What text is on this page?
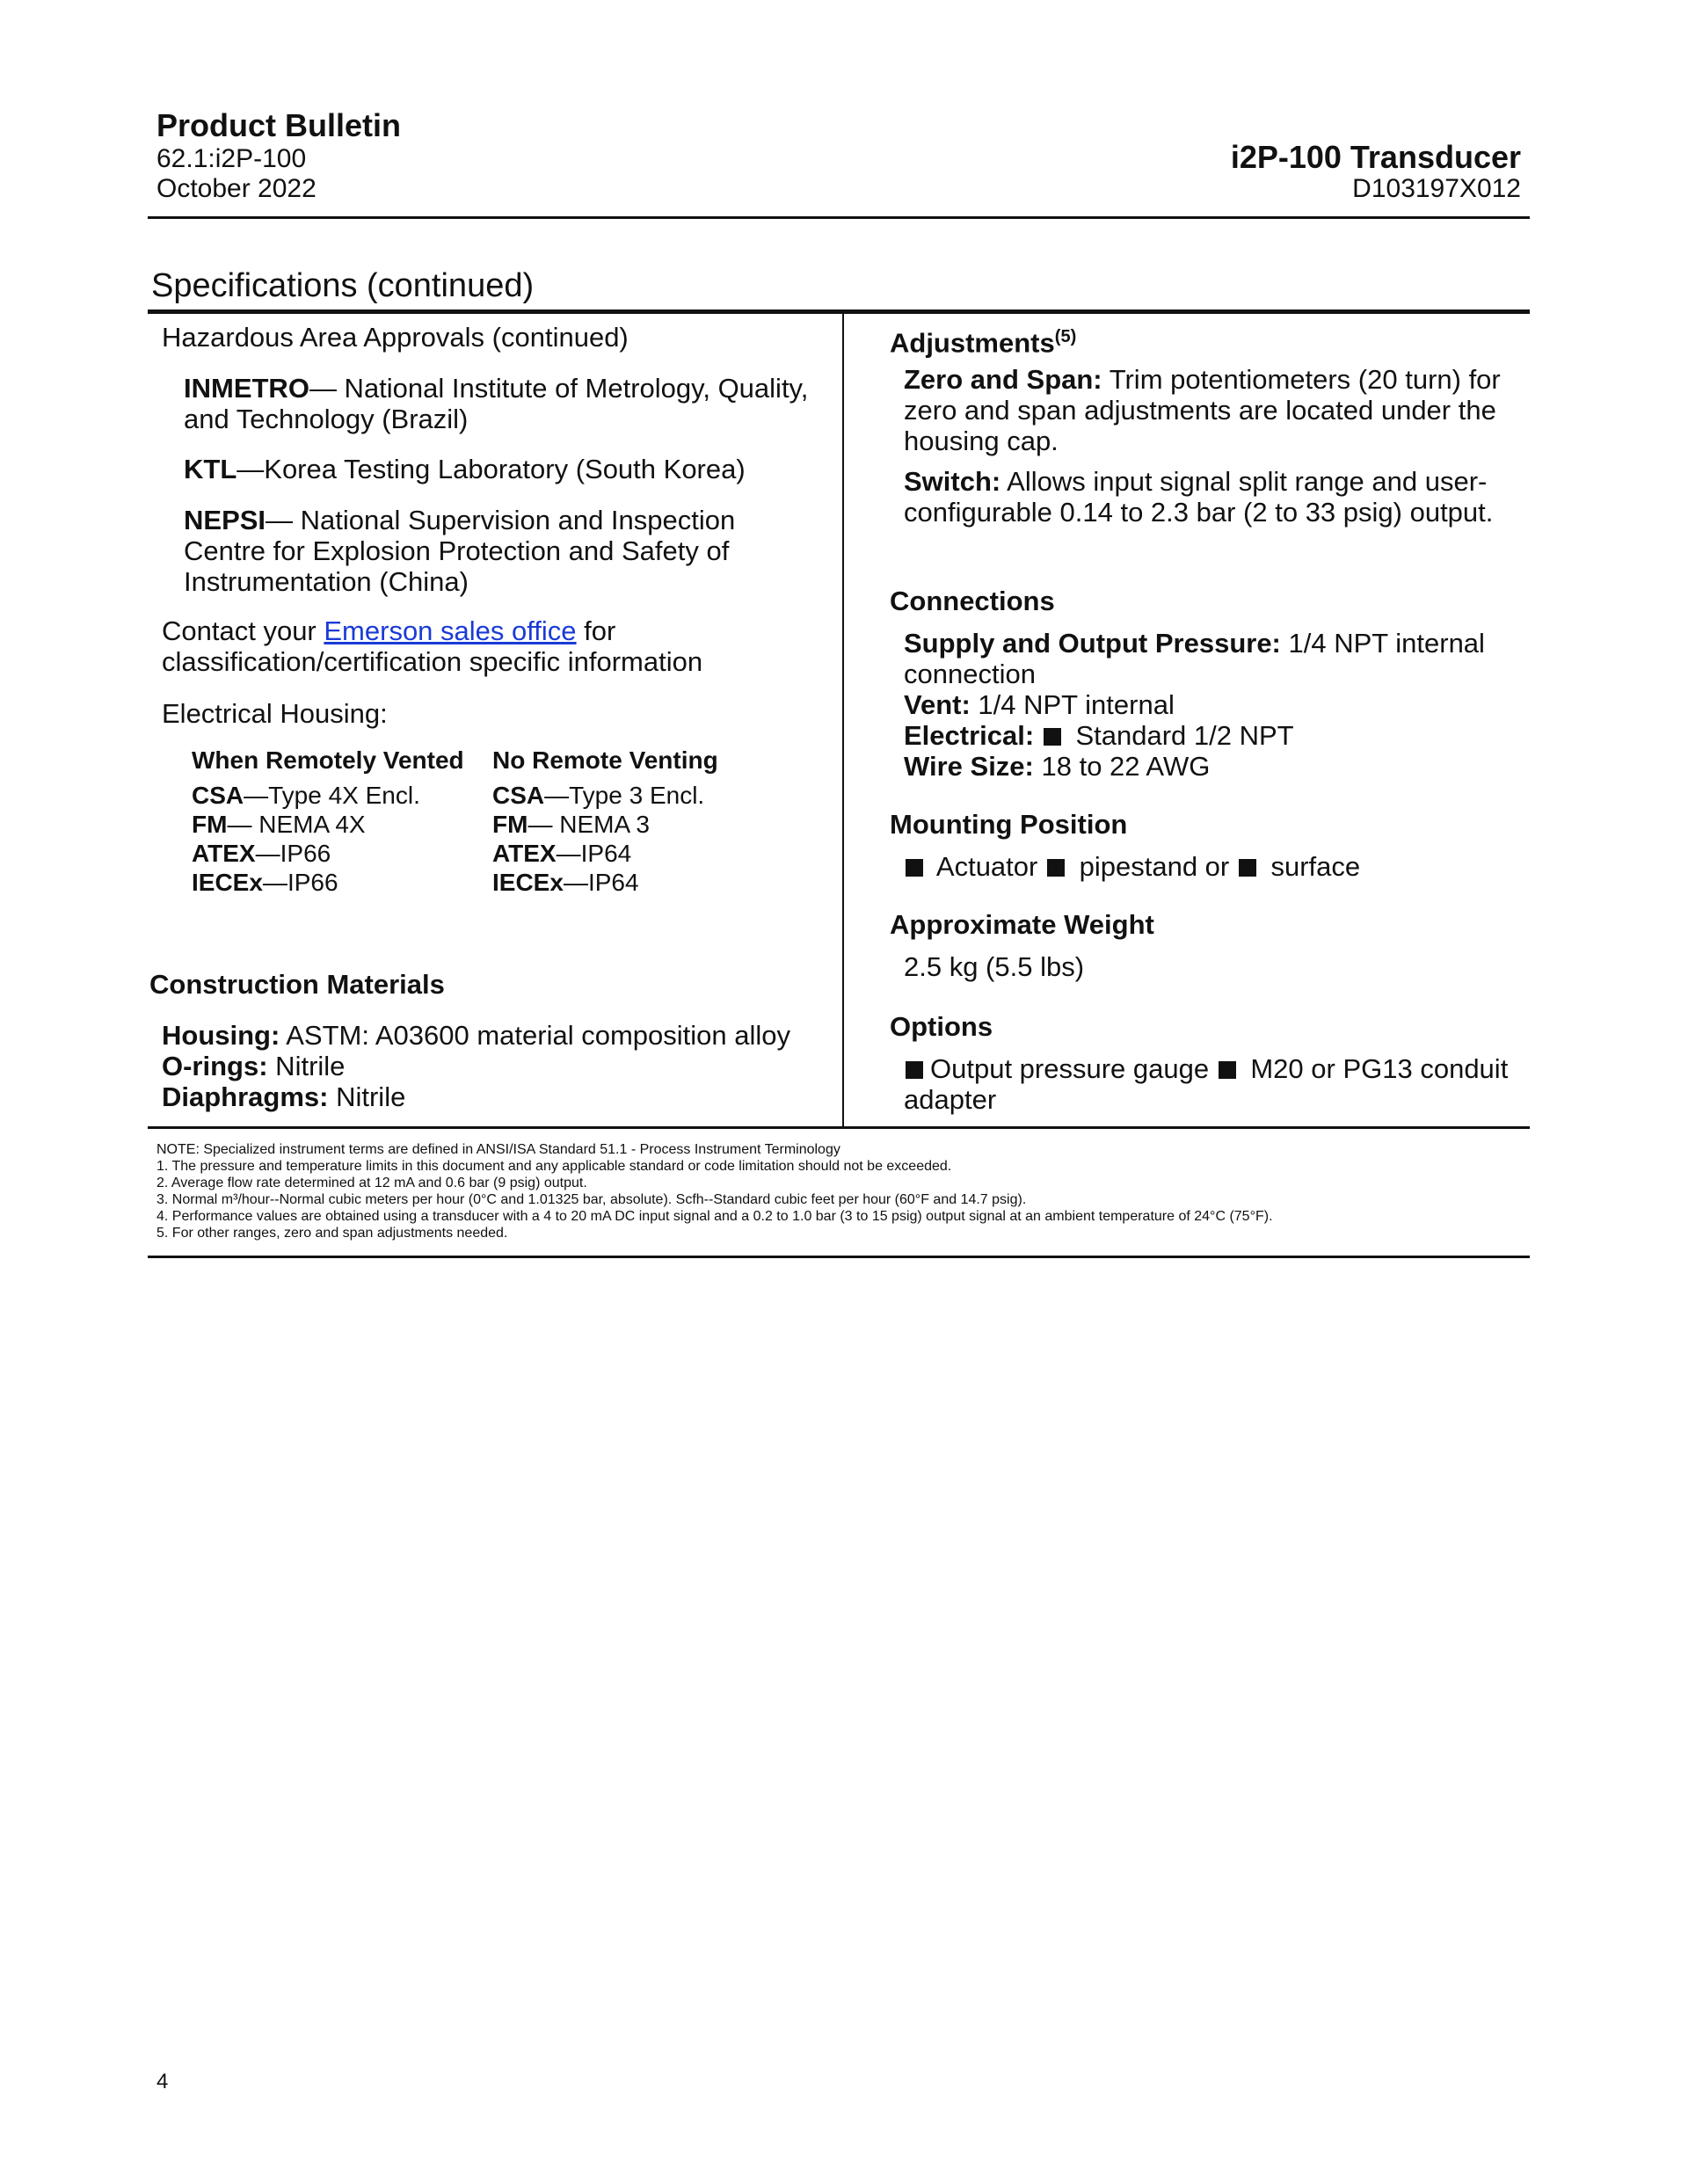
Product Bulletin
62.1:i2P-100
October 2022
i2P-100 Transducer
D103197X012
Specifications (continued)
Hazardous Area Approvals (continued)
INMETRO— National Institute of Metrology, Quality, and Technology (Brazil)
KTL—Korea Testing Laboratory (South Korea)
NEPSI— National Supervision and Inspection Centre for Explosion Protection and Safety of Instrumentation (China)
Contact your Emerson sales office for classification/certification specific information
Electrical Housing:
When Remotely Vented No Remote Venting
CSA—Type 4X Encl.	CSA—Type 3 Encl.
FM— NEMA 4X	FM— NEMA 3
ATEX—IP66	ATEX—IP64
IECEx—IP66	IECEx—IP64
Construction Materials
Housing: ASTM: A03600 material composition alloy
O-rings: Nitrile
Diaphragms: Nitrile
Adjustments$^{(5)}$
Zero and Span: Trim potentiometers (20 turn) for zero and span adjustments are located under the housing cap.
Switch: Allows input signal split range and user-configurable 0.14 to 2.3 bar (2 to 33 psig) output.
Connections
Supply and Output Pressure: 1/4 NPT internal connection
Vent: 1/4 NPT internal
Electrical:  Standard 1/2 NPT
Wire Size: 18 to 22 AWG
Mounting Position
Actuator pipestand or surface
Approximate Weight
2.5 kg (5.5 lbs)
Options
Output pressure gauge M20 or PG13 conduit adapter
NOTE: Specialized instrument terms are defined in ANSI/ISA Standard 51.1 - Process Instrument Terminology
1. The pressure and temperature limits in this document and any applicable standard or code limitation should not be exceeded.
2. Average flow rate determined at 12 mA and 0.6 bar (9 psig) output.
3. Normal m³/hour--Normal cubic meters per hour (0°C and 1.01325 bar, absolute). Scfh--Standard cubic feet per hour (60°F and 14.7 psig).
4. Performance values are obtained using a transducer with a 4 to 20 mA DC input signal and a 0.2 to 1.0 bar (3 to 15 psig) output signal at an ambient temperature of 24°C (75°F).
5. For other ranges, zero and span adjustments needed.
4
